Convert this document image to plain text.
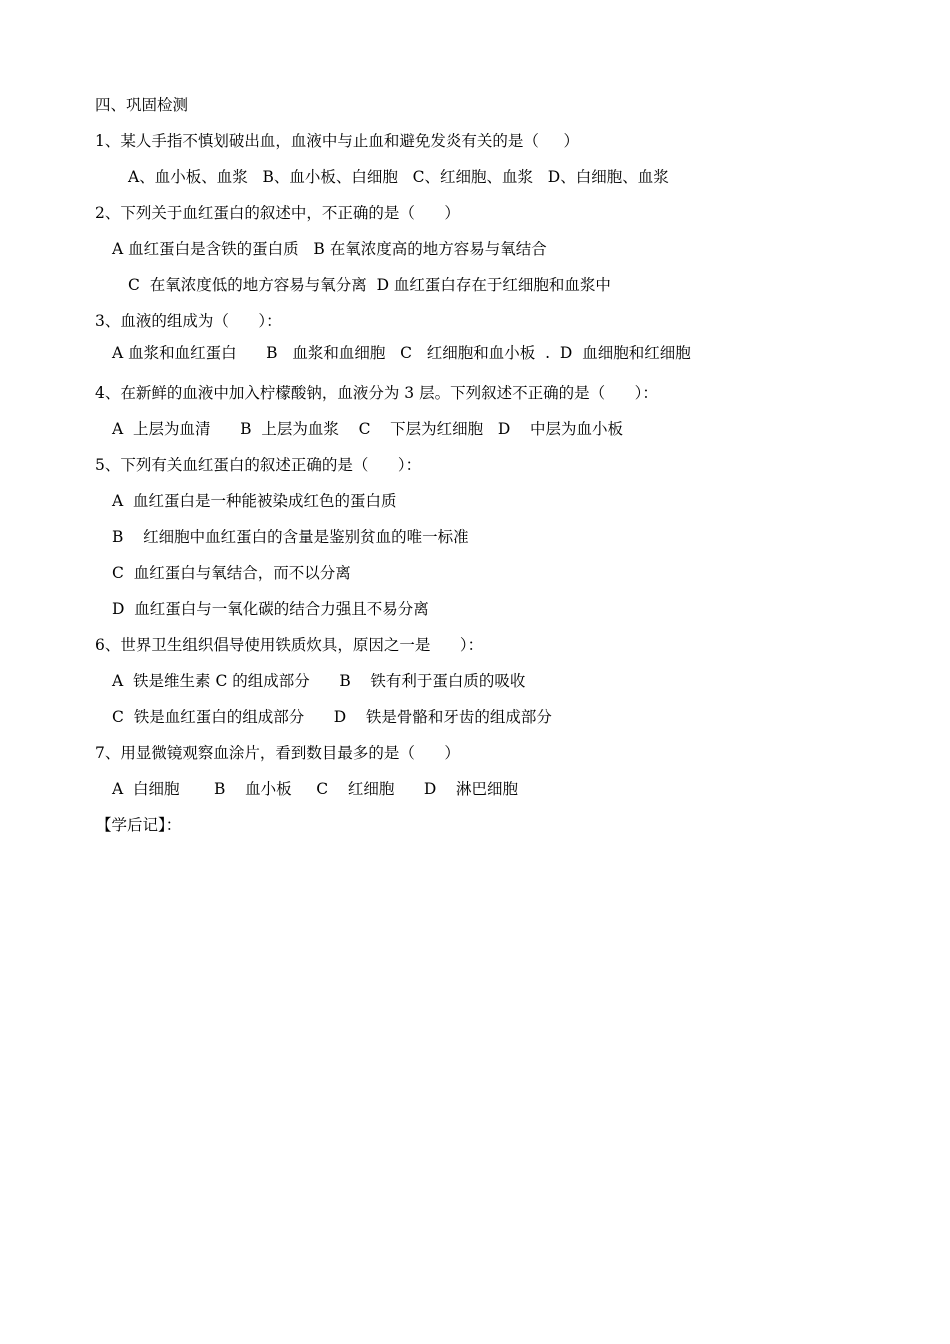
四、巩固检测
1、某人手指不慎划破出血，血液中与止血和避免发炎有关的是（     ）
A、血小板、血浆   B、血小板、白细胞   C、红细胞、血浆   D、白细胞、血浆
2、下列关于血红蛋白的叙述中，不正确的是（      ）
A 血红蛋白是含铁的蛋白质   B 在氧浓度高的地方容易与氧结合
C  在氧浓度低的地方容易与氧分离  D 血红蛋白存在于红细胞和血浆中
3、血液的组成为（      ）：
A 血浆和血红蛋白      B   血浆和血细胞   C   红细胞和血小板  .  D  血细胞和红细胞
4、在新鲜的血液中加入柠檬酸钠，血液分为 3 层。下列叙述不正确的是（      ）：
A  上层为血清      B  上层为血浆    C    下层为红细胞   D    中层为血小板
5、下列有关血红蛋白的叙述正确的是（      ）：
A  血红蛋白是一种能被染成红色的蛋白质
B    红细胞中血红蛋白的含量是鉴别贫血的唯一标准
C  血红蛋白与氧结合，而不以分离
D  血红蛋白与一氧化碳的结合力强且不易分离
6、世界卫生组织倡导使用铁质炊具，原因之一是      ）：
A  铁是维生素 C 的组成部分      B    铁有利于蛋白质的吸收
C  铁是血红蛋白的组成部分      D    铁是骨骼和牙齿的组成部分
7、用显微镜观察血涂片，看到数目最多的是（      ）
A  白细胞       B    血小板     C    红细胞      D    淋巴细胞
【学后记】：
